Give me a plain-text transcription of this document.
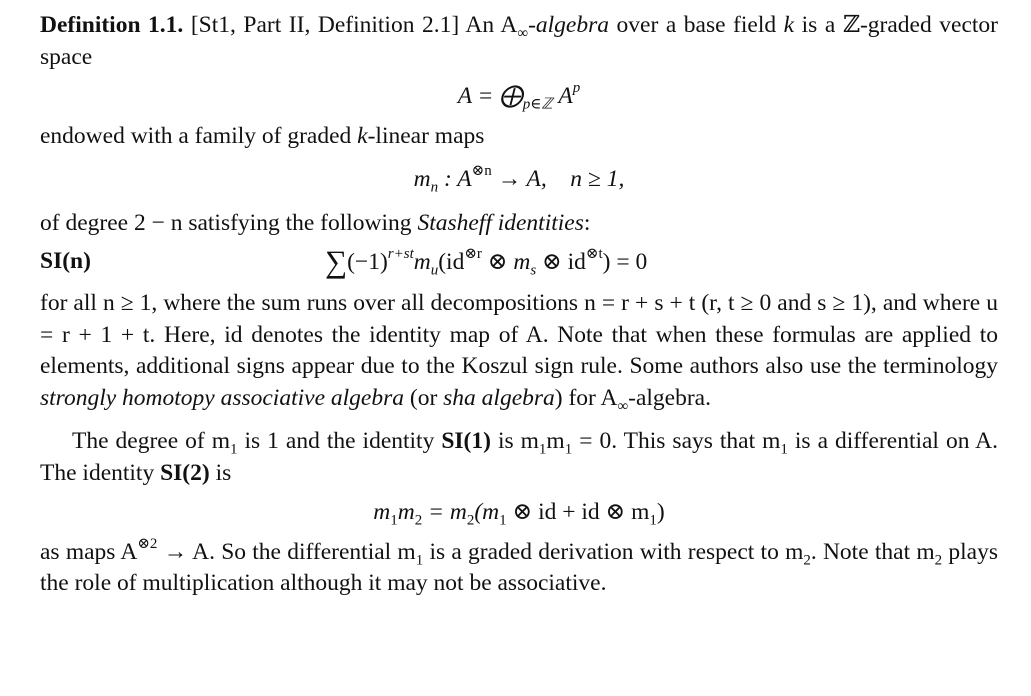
Definition 1.1. [St1, Part II, Definition 2.1] An $A_\infty$-algebra over a base field k is a ℤ-graded vector space

$A = ⨁_{p\in ℤ}$ $A^p$

endowed with a family of graded k-linear maps

$m_n$ : $A^{\otimes n} \to A$, n ≥ 1,

of degree 2 − n satisfying the following Stasheff identities:

SI(n)	$\sum(-1)^{r+st}m_u(id^{\otimes r}$ ⊗ $m_s$ ⊗ $id^{\otimes t}) = 0$

for all n ≥ 1, where the sum runs over all decompositions n = r + s + t (r, t ≥ 0 and s ≥ 1), and where u = r + 1 + t. Here, id denotes the identity map of A. Note that when these formulas are applied to elements, additional signs appear due to the Koszul sign rule. Some authors also use the terminology strongly homotopy associative algebra (or sha algebra) for $A_\infty$-algebra.

The degree of $m_1$ is 1 and the identity SI(1) is $m_1m_1 = 0$. This says that $m_1$ is a differential on A. The identity SI(2) is

$m_1m_2 = m_2(m_1$ ⊗ id + id ⊗ $m_1$)

as maps $A^{\otimes 2} \to A$. So the differential $m_1$ is a graded derivation with respect to $m_2$. Note that $m_2$ plays the role of multiplication although it may not be associative.
